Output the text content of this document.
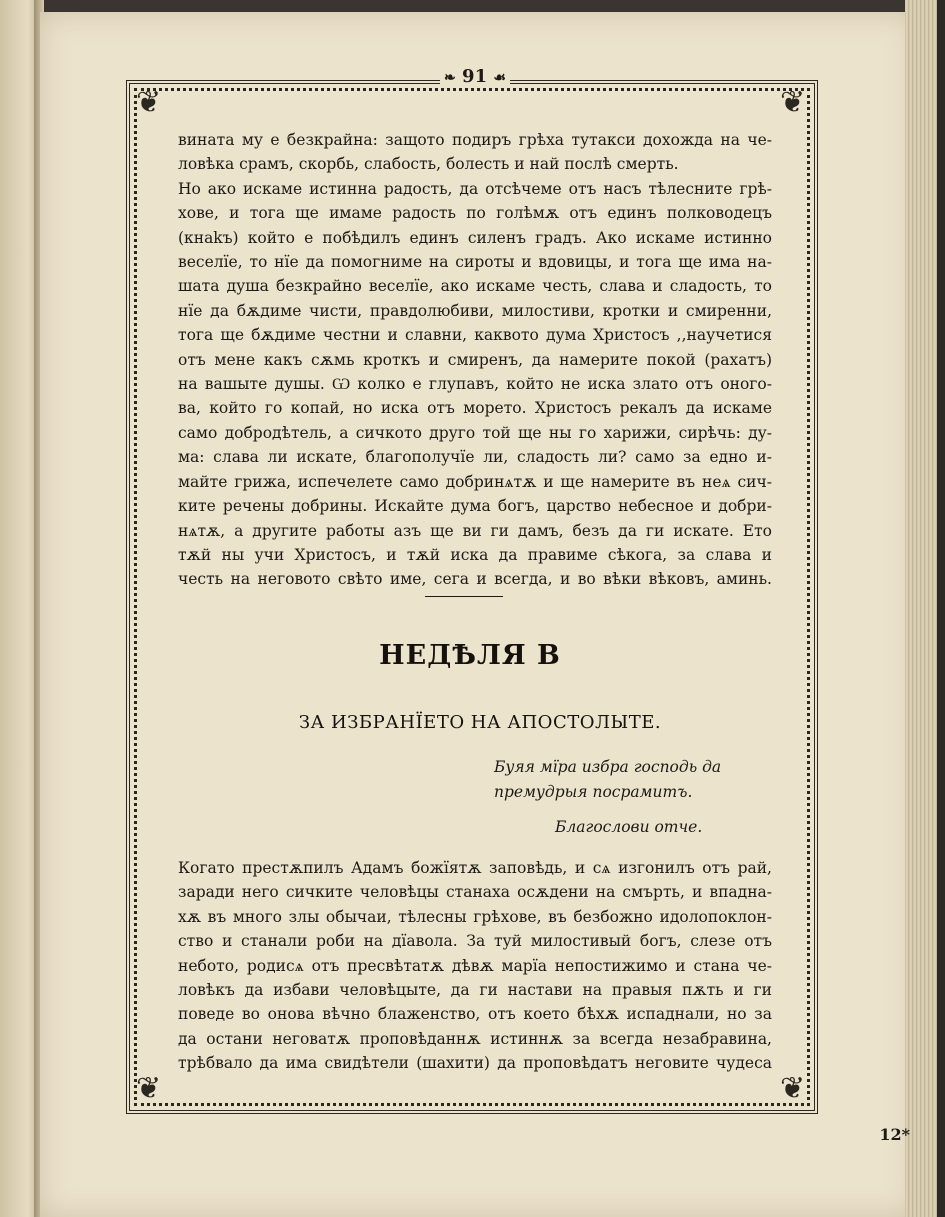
❦	❦
❦	❦
❧ 91 ☙
вината му е безкрайна: защото подиръ грѣха тутакси дохожда на че-
ловѣка срамъ, скорбь, слабость, болесть и най послѣ смерть.
Но ако искаме истинна радость, да отсѣчеме отъ насъ тѣлесните грѣ-
хове, и тога ще имаме радость по голѣмѫ отъ единъ полководецъ
(кнаkъ) който е побѣдилъ единъ силенъ градъ. Ако искаме истинно
веселïе, то нïе да помогниме на сироты и вдовицы, и тога ще има на-
шата душа безкрайно веселïе, ако искаме честь, слава и сладость, то
нïе да бѫдиме чисти, правдолюбиви, милостиви, кротки и смиренни,
тога ще бѫдиме честни и славни, каквото дума Христосъ ,,научетися
отъ мене какъ сѫмь кроткъ и смиренъ, да намерите покой (рахатъ)
на вашыте душы. Ѡ колко е глупавъ, който не иска злато отъ оного-
ва, който го копай, но иска отъ морето. Христосъ рекалъ да искаме
само добродѣтель, а сичкото друго той ще ны го харижи, сирѣчь: ду-
ма: слава ли искате, благополучïе ли, сладость ли? само за едно и-
майте грижа, испечелете само добринѧтѫ и ще намерите въ неѧ сич-
ките речены добрины. Искайте дума богъ, царство небесное и добри-
нѧтѫ, а другите работы азъ ще ви ги дамъ, безъ да ги искате. Ето
тѫй ны учи Христосъ, и тѫй иска да правиме сѣкога, за слава и
честь на неговото свѣто име, сега и всегда, и во вѣки вѣковъ, аминь.
НЕДѢЛЯ В
ЗА ИЗБРАНÏЕТО НА АПОСТОЛЫТЕ.
Буяя мïра избра господь да
премудрыя посрамитъ.
Благослови отче.
Когато престѫпилъ Адамъ божïятѫ заповѣдь, и сѧ изгонилъ отъ рай,
заради него сичките человѣцы станаха осѫдени на смърть, и впадна-
хѫ въ много злы обычаи, тѣлесны грѣхове, въ безбожно идолопоклон-
ство и станали роби на дïавола. За туй милостивый богъ, слезе отъ
небото, родисѧ отъ пресвѣтатѫ дѣвѫ марïа непостижимо и стана че-
ловѣкъ да избави человѣцыте, да ги настави на правыя пѫть и ги
поведе во онова вѣчно блаженство, отъ което бѣхѫ испаднали, но за
да остани неговатѫ проповѣданнѫ истиннѫ за всегда незабравина,
трѣбвало да има свидѣтели (шахити) да проповѣдатъ неговите чудеса
12*
